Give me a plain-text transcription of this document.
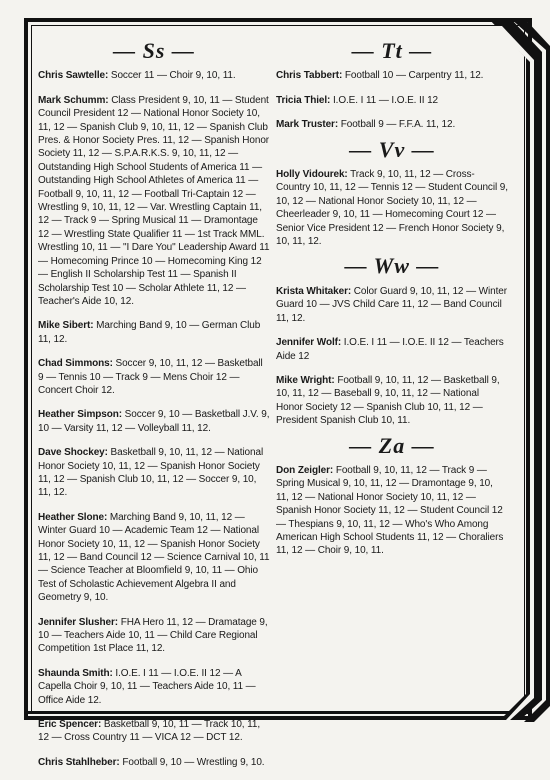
— Ss —
Chris Sawtelle: Soccer 11 — Choir 9, 10, 11.
Mark Schumm: Class President 9, 10, 11 — Student Council President 12 — National Honor Society 10, 11, 12 — Spanish Club 9, 10, 11, 12 — Spanish Club Pres. & Honor Society Pres. 11, 12 — Spanish Honor Society 11, 12 — S.P.A.R.K.S. 9, 10, 11, 12 — Outstanding High School Students of America 11 — Outstanding High School Athletes of America 11 — Football 9, 10, 11, 12 — Football Tri-Captain 12 — Wrestling 9, 10, 11, 12 — Var. Wrestling Captain 11, 12 — Track 9 — Spring Musical 11 — Dramontage 12 — Wrestling State Qualifier 11 — 1st Track MML. Wrestling 10, 11 — "I Dare You" Leadership Award 11 — Homecoming Prince 10 — Homecoming King 12 — English II Scholarship Test 11 — Spanish II Scholarship Test 10 — Scholar Athlete 11, 12 — Teacher's Aide 10, 12.
Mike Sibert: Marching Band 9, 10 — German Club 11, 12.
Chad Simmons: Soccer 9, 10, 11, 12 — Basketball 9 — Tennis 10 — Track 9 — Mens Choir 12 — Concert Choir 12.
Heather Simpson: Soccer 9, 10 — Basketball J.V. 9, 10 — Varsity 11, 12 — Volleyball 11, 12.
Dave Shockey: Basketball 9, 10, 11, 12 — National Honor Society 10, 11, 12 — Spanish Honor Society 11, 12 — Spanish Club 10, 11, 12 — Soccer 9, 10, 11, 12.
Heather Slone: Marching Band 9, 10, 11, 12 — Winter Guard 10 — Academic Team 12 — National Honor Society 10, 11, 12 — Spanish Honor Society 11, 12 — Band Council 12 — Science Carnival 10, 11 — Science Teacher at Bloomfield 9, 10, 11 — Ohio Test of Scholastic Achievement Algebra II and Geometry 9, 10.
Jennifer Slusher: FHA Hero 11, 12 — Dramatage 9, 10 — Teachers Aide 10, 11 — Child Care Regional Competition 1st Place 11, 12.
Shaunda Smith: I.O.E. I 11 — I.O.E. II 12 — A Capella Choir 9, 10, 11 — Teachers Aide 10, 11 — Office Aide 12.
Eric Spencer: Basketball 9, 10, 11 — Track 10, 11, 12 — Cross Country 11 — VICA 12 — DCT 12.
Chris Stahlheber: Football 9, 10 — Wrestling 9, 10.
— Tt —
Chris Tabbert: Football 10 — Carpentry 11, 12.
Tricia Thiel: I.O.E. I 11 — I.O.E. II 12
Mark Truster: Football 9 — F.F.A. 11, 12.
— Vv —
Holly Vidourek: Track 9, 10, 11, 12 — Cross-Country 10, 11, 12 — Tennis 12 — Student Council 9, 10, 12 — National Honor Society 10, 11, 12 — Cheerleader 9, 10, 11 — Homecoming Court 12 — Senior Vice President 12 — French Honor Society 9, 10, 11, 12.
— Ww —
Krista Whitaker: Color Guard 9, 10, 11, 12 — Winter Guard 10 — JVS Child Care 11, 12 — Band Council 11, 12.
Jennifer Wolf: I.O.E. I 11 — I.O.E. II 12 — Teachers Aide 12
Mike Wright: Football 9, 10, 11, 12 — Basketball 9, 10, 11, 12 — Baseball 9, 10, 11, 12 — National Honor Society 12 — Spanish Club 10, 11, 12 — President Spanish Club 10, 11.
— Za —
Don Zeigler: Football 9, 10, 11, 12 — Track 9 — Spring Musical 9, 10, 11, 12 — Dramontage 9, 10, 11, 12 — National Honor Society 10, 11, 12 — Spanish Honor Society 11, 12 — Student Council 12 — Thespians 9, 10, 11, 12 — Who's Who Among American High School Students 11, 12 — Choraliers 11, 12 — Choir 9, 10, 11.
